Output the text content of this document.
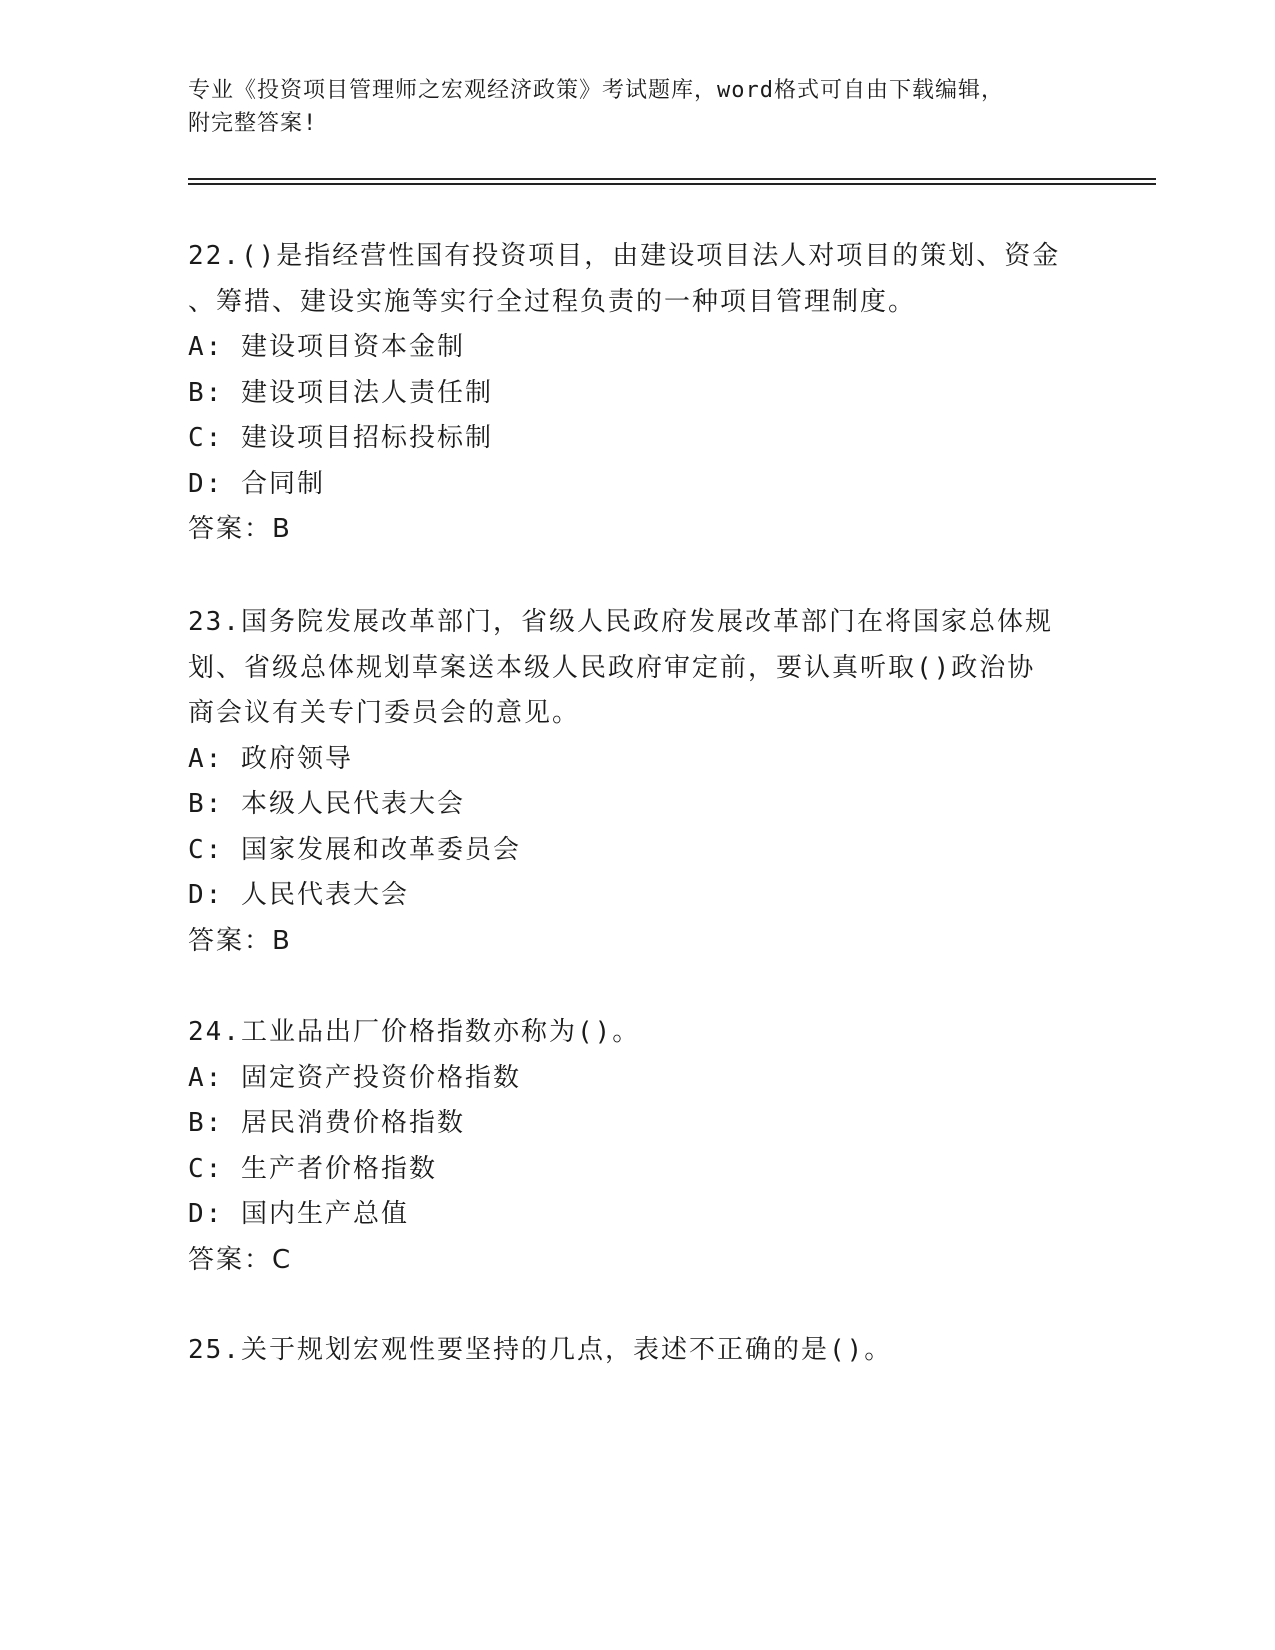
专业《投资项目管理师之宏观经济政策》考试题库，word格式可自由下载编辑，
附完整答案!

22.()是指经营性国有投资项目，由建设项目法人对项目的策划、资金

、筹措、建设实施等实行全过程负责的一种项目管理制度。

A: 建设项目资本金制

B: 建设项目法人责任制

C: 建设项目招标投标制

D: 合同制

答案：B

23.国务院发展改革部门，省级人民政府发展改革部门在将国家总体规

划、省级总体规划草案送本级人民政府审定前，要认真听取()政治协

商会议有关专门委员会的意见。

A: 政府领导

B: 本级人民代表大会

C: 国家发展和改革委员会

D: 人民代表大会

答案：B

24.工业品出厂价格指数亦称为()。

A: 固定资产投资价格指数

B: 居民消费价格指数

C: 生产者价格指数

D: 国内生产总值

答案：C

25.关于规划宏观性要坚持的几点，表述不正确的是()。
